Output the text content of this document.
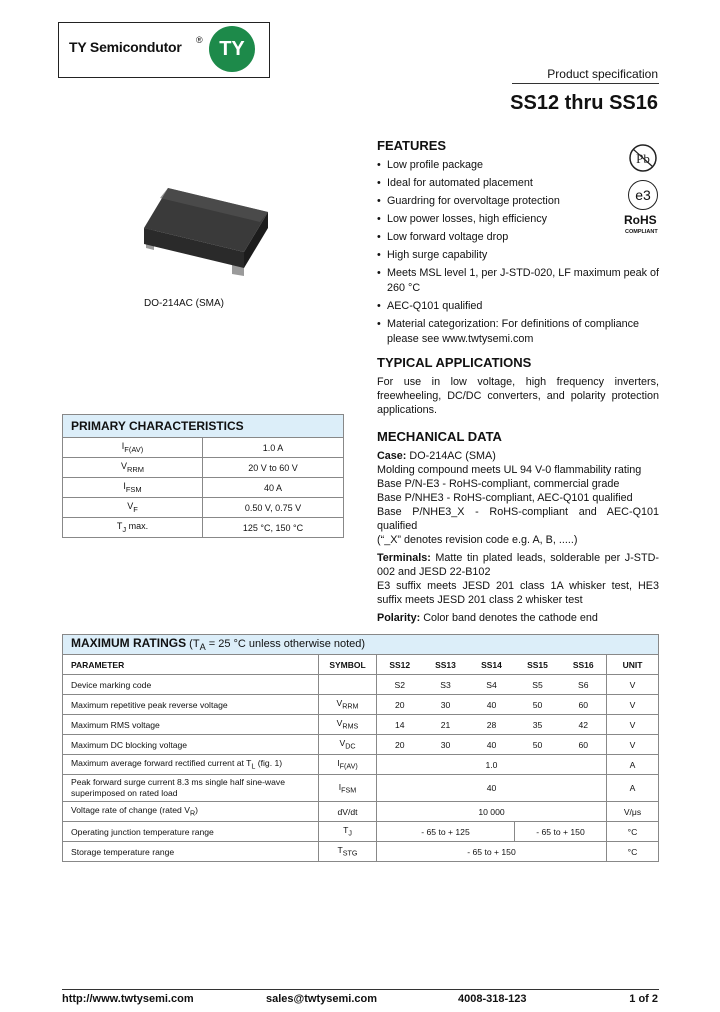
TY Semicondutor ® TY
Product specification
SS12 thru SS16
DO-214AC (SMA)
FEATURES
• Low profile package
• Ideal for automated placement
• Guardring for overvoltage protection
• Low power losses, high efficiency
• Low forward voltage drop
• High surge capability
• Meets MSL level 1, per J-STD-020, LF maximum peak of 260 °C
• AEC-Q101 qualified
• Material categorization: For definitions of compliance please see www.twtysemi.com
Pb
e3
RoHS
COMPLIANT
TYPICAL APPLICATIONS
For use in low voltage, high frequency inverters, freewheeling, DC/DC converters, and polarity protection applications.
MECHANICAL DATA
Case: DO-214AC (SMA)
Molding compound meets UL 94 V-0 flammability rating
Base P/N-E3 - RoHS-compliant, commercial grade
Base P/NHE3 - RoHS-compliant, AEC-Q101 qualified
Base P/NHE3_X - RoHS-compliant and AEC-Q101 qualified
(“_X” denotes revision code e.g. A, B, .....)
Terminals: Matte tin plated leads, solderable per J-STD-002 and JESD 22-B102
E3 suffix meets JESD 201 class 1A whisker test, HE3 suffix meets JESD 201 class 2 whisker test
Polarity: Color band denotes the cathode end
PRIMARY CHARACTERISTICS	
$I_{F(AV)}$	1.0 A
$V_{RRM}$	20 V to 60 V
$I_{FSM}$	40 A
$V_F$	0.50 V, 0.75 V
$T_J$ max.	125 °C, 150 °C
MAXIMUM RATINGS ($T_A = 25$ °C unless otherwise noted)							
PARAMETER	SYMBOL	SS12	SS13	SS14	SS15	SS16	UNIT
Device marking code		S2	S3	S4	S5	S6	V
Maximum repetitive peak reverse voltage	$V_{RRM}$	20	30	40	50	60	V
Maximum RMS voltage	$V_{RMS}$	14	21	28	35	42	V
Maximum DC blocking voltage	$V_{DC}$	20	30	40	50	60	V
Maximum average forward rectified current at $T_L$ (fig. 1)	$I_{F(AV)}$	1.0					A
Peak forward surge current 8.3 ms single half sine-wave superimposed on rated load	$I_{FSM}$	40					A
Voltage rate of change (rated $V_R$)	dV/dt	10 000					V/μs
Operating junction temperature range	$T_J$	- 65 to + 125			- 65 to + 150		°C
Storage temperature range	$T_{STG}$	- 65 to + 150					°C
http://www.twtysemi.com	sales@twtysemi.com	4008-318-123	1 of 2
